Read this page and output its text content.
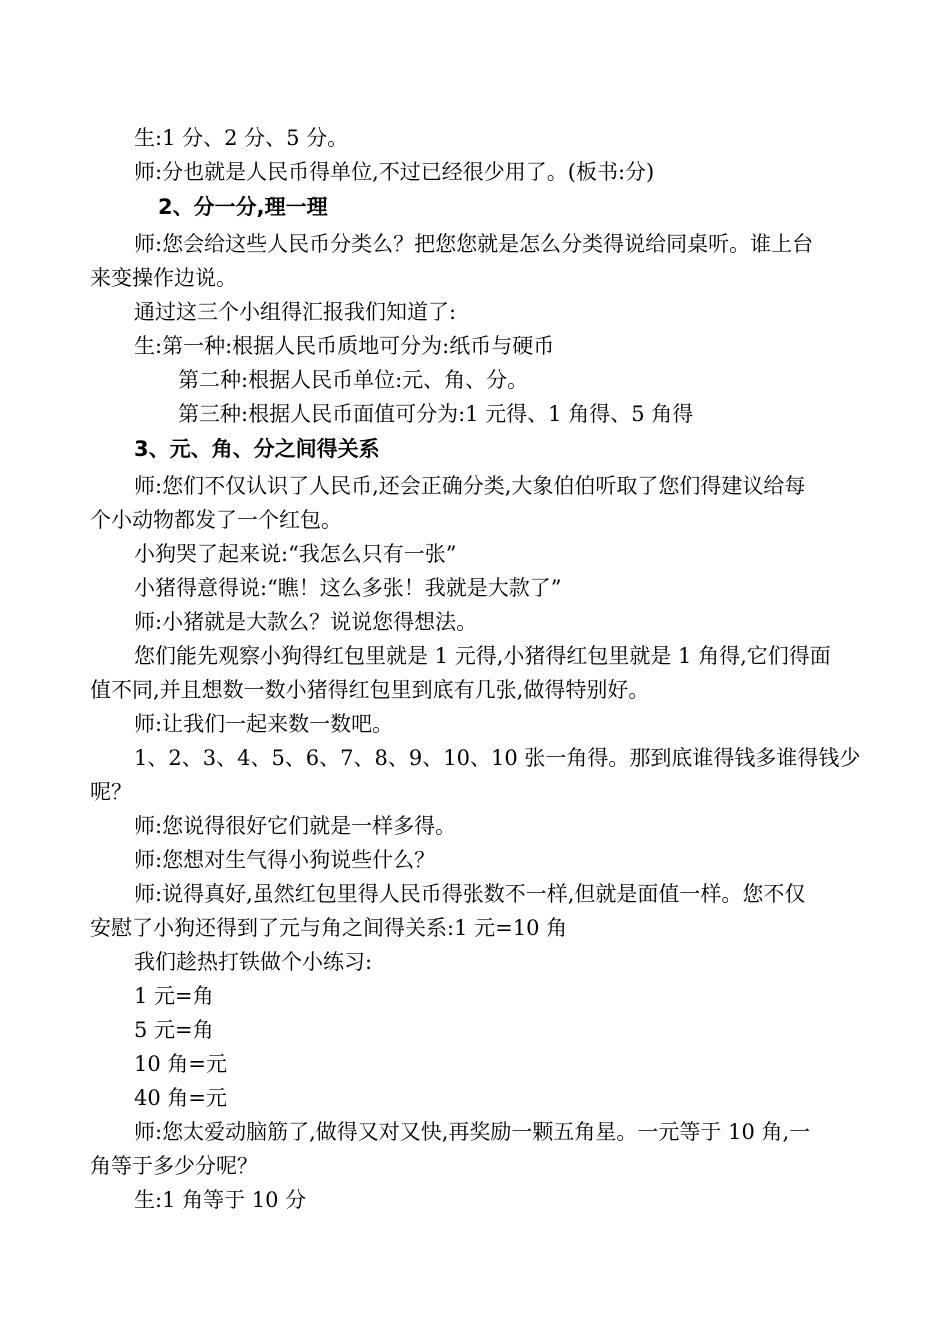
生:1 分、2 分、5 分。
师:分也就是人民币得单位,不过已经很少用了。(板书:分)
2、分一分,理一理
师:您会给这些人民币分类么？把您您就是怎么分类得说给同桌听。谁上台
来变操作边说。
通过这三个小组得汇报我们知道了:
生:第一种:根据人民币质地可分为:纸币与硬币
第二种:根据人民币单位:元、角、分。
第三种:根据人民币面值可分为:1 元得、1 角得、5 角得
3、元、角、分之间得关系
师:您们不仅认识了人民币,还会正确分类,大象伯伯听取了您们得建议给每
个小动物都发了一个红包。
小狗哭了起来说:“我怎么只有一张”
小猪得意得说:“瞧！这么多张！我就是大款了”
师:小猪就是大款么？说说您得想法。
您们能先观察小狗得红包里就是 1 元得,小猪得红包里就是 1 角得,它们得面
值不同,并且想数一数小猪得红包里到底有几张,做得特别好。
师:让我们一起来数一数吧。
1、2、3、4、5、6、7、8、9、10、10 张一角得。那到底谁得钱多谁得钱少
呢？
师:您说得很好它们就是一样多得。
师:您想对生气得小狗说些什么？
师:说得真好,虽然红包里得人民币得张数不一样,但就是面值一样。您不仅
安慰了小狗还得到了元与角之间得关系:1 元=10 角
我们趁热打铁做个小练习:
1 元=角
5 元=角
10 角=元
40 角=元
师:您太爱动脑筋了,做得又对又快,再奖励一颗五角星。一元等于 10 角,一
角等于多少分呢？
生:1 角等于 10 分
